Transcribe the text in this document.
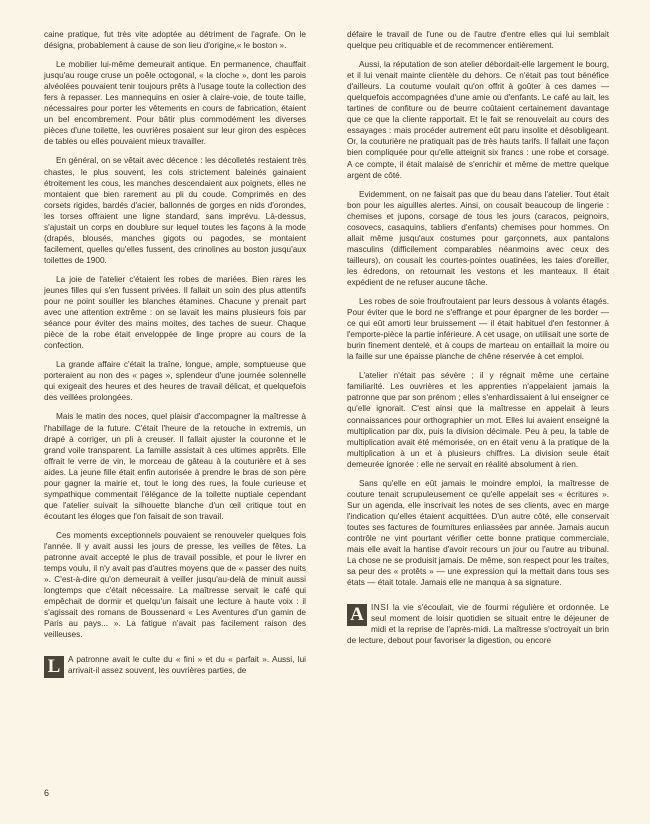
caine pratique, fut très vite adoptée au détriment de l'agrafe. On le désigna, probablement à cause de son lieu d'origine,« le boston ».

Le mobilier lui-même demeurait antique. En permanence, chauffait jusqu'au rouge cruse un poêle octogonal, « la cloche », dont les parois alvéolées pouvaient tenir toujours prêts à l'usage toute la collection des fers à repasser. Les mannequins en osier à claire-voie, de toute taille, nécessaires pour porter les vêtements en cours de fabrication, étaient un bel encombrement. Pour bâtir plus commodément les diverses pièces d'une toilette, les ouvrières posaient sur leur giron des espèces de tables ou elles pouvaient mieux travailler.

En général, on se vêtait avec décence : les décolletés restaient très chastes, le plus souvent, les cols strictement baleinés gainaient étroitement les cous, les manches descendaient aux poignets, elles ne montaient que bien rarement au pli du coude. Comprimés en des corsets rigides, bardés d'acier, ballonnés de gorges en nids d'orondes, les torses offraient une ligne standard, sans imprévu. Là-dessus, s'ajustait un corps en doublure sur lequel toutes les façons à la mode (drapés, blousés, manches gigots ou pagodes, se montaient facilement, quelles qu'elles fussent, des crinolines au boston jusqu'aux toilettes de 1900.

La joie de l'atelier c'étaient les robes de mariées. Bien rares les jeunes filles qui s'en fussent privées. Il fallait un soin des plus attentifs pour ne point souiller les blanches étamines. Chacune y prenait part avec une attention extrême : on se lavait les mains plusieurs fois par séance pour éviter des mains moites, des taches de sueur. Chaque pièce de la robe était enveloppée de linge propre au cours de la confection.

La grande affaire c'était la traîne, longue, ample, somptueuse que porteraient au non des « pages », splendeur d'une journée solennelle qui exigeait des heures et des heures de travail délicat, et quelquefois des veillées prolongées.

Mais le matin des noces, quel plaisir d'accompagner la maîtresse à l'habillage de la future. C'était l'heure de la retouche in extremis, un drapé à corriger, un pli à creuser. Il fallait ajuster la couronne et le grand voile transparent. La famille assistait à ces ultimes apprêts. Elle offrait le verre de vin, le morceau de gâteau à la couturière et à ses aides. La jeune fille était enfin autorisée à prendre le bras de son père pour gagner la mairie et, tout le long des rues, la foule curieuse et sympathique commentait l'élégance de la toilette nuptiale cependant que l'atelier suivait la silhouette blanche d'un œil critique tout en écoutant les éloges que l'on faisait de son travail.

Ces moments exceptionnels pouvaient se renouveler quelques fois l'année. Il y avait aussi les jours de presse, les veilles de fêtes. La patronne avait accepté le plus de travail possible, et pour le livrer en temps voulu, il n'y avait pas d'autres moyens que de « passer des nuits ». C'est-à-dire qu'on demeurait à veiller jusqu'au-delà de minuit aussi longtemps que c'était nécessaire. La maîtresse servait le café qui empêchait de dormir et quelqu'un faisait une lecture à haute voix : il s'agissait des romans de Boussenard « Les Aventures d'un gamin de Paris au pays... ». La fatigue n'avait pas facilement raison des veilleuses.

L A patronne avait le culte du « fini » et du « parfait ». Aussi, lui arrivait-il assez souvent, les ouvrières parties, de

défaire le travail de l'une ou de l'autre d'entre elles qui lui semblait quelque peu critiquable et de recommencer entièrement.

Aussi, la réputation de son atelier débordait-elle largement le bourg, et il lui venait mainte clientèle du dehors. Ce n'était pas tout bénéfice d'ailleurs. La coutume voulait qu'on offrit à goûter à ces dames — quelquefois accompagnées d'une amie ou d'enfants. Le café au lait, les tartines de confiture ou de beurre coûtaient certainement davantage que ce que la cliente rapportait. Et le fait se renouvelait au cours des essayages : mais procéder autrement eût paru insolite et désobligeant. Or, la couturière ne pratiquait pas de très hauts tarifs. Il fallait une façon bien compliquée pour qu'elle atteignit six francs : une robe et corsage. A ce compte, il était malaisé de s'enrichir et même de mettre quelque argent de côté.

Evidemment, on ne faisait pas que du beau dans l'atelier. Tout était bon pour les aiguilles alertes. Ainsi, on cousait beaucoup de lingerie : chemises et jupons, corsage de tous les jours (caracos, peignoirs, cosovecs, casaquins, tabliers d'enfants) chemises pour hommes. On allait même jusqu'aux costumes pour garçonnets, aux pantalons masculins (difficilement comparables néanmoins avec ceux des tailleurs), on cousait les courtes-pointes ouatinées, les taies d'oreiller, les édredons, on retournait les vestons et les manteaux. Il était expédient de ne refuser aucune tâche.

Les robes de soie froufroutaient par leurs dessous à volants étagés. Pour éviter que le bord ne s'effrange et pour épargner de les border — ce qui eût amorti leur bruissement — il était habituel d'en festonner à l'emporte-pièce la partie inférieure. A cet usage, on utilisait une sorte de burin finement dentelé, et à coups de marteau on entaillait la moire ou la faille sur une épaisse planche de chêne réservée à cet emploi.

L'atelier n'était pas sévère ; il y régnait même une certaine familiarité. Les ouvrières et les apprenties n'appelaient jamais la patronne que par son prénom ; elles s'enhardissaient à lui enseigner ce qu'elle ignorait. C'est ainsi que la maîtresse en appelait à leurs connaissances pour orthographier un mot. Elles lui avaient enseigné la multiplication par dix, puis la division décimale. Peu à peu, la table de multiplication avait été mémorisée, on en était venu à la pratique de la multiplication à un et à plusieurs chiffres. La division seule était demeurée ignorée : elle ne servait en réalité absolument à rien.

Sans qu'elle en eût jamais le moindre emploi, la maîtresse de couture tenait scrupuleusement ce qu'elle appelait ses « écritures ». Sur un agenda, elle inscrivait les notes de ses clients, avec en marge l'indication qu'elles étaient acquittées. D'un autre côté, elle conservait toutes ses factures de fournitures enliassées par année. Jamais aucun contrôle ne vint pourtant vérifier cette bonne pratique commerciale, mais elle avait la hantise d'avoir recours un jour ou l'autre au tribunal. La chose ne se produisit jamais. De même, son respect pour les traites, sa peur des « protêts » — une expression qui la mettait dans tous ses états — était totale. Jamais elle ne manqua à sa signature.

A INSI la vie s'écoulait, vie de fourmi régulière et ordonnée. Le seul moment de loisir quotidien se situait entre le déjeuner de midi et la reprise de l'après-midi. La maîtresse s'octroyait un brin de lecture, debout pour favoriser la digestion, ou encore

6
